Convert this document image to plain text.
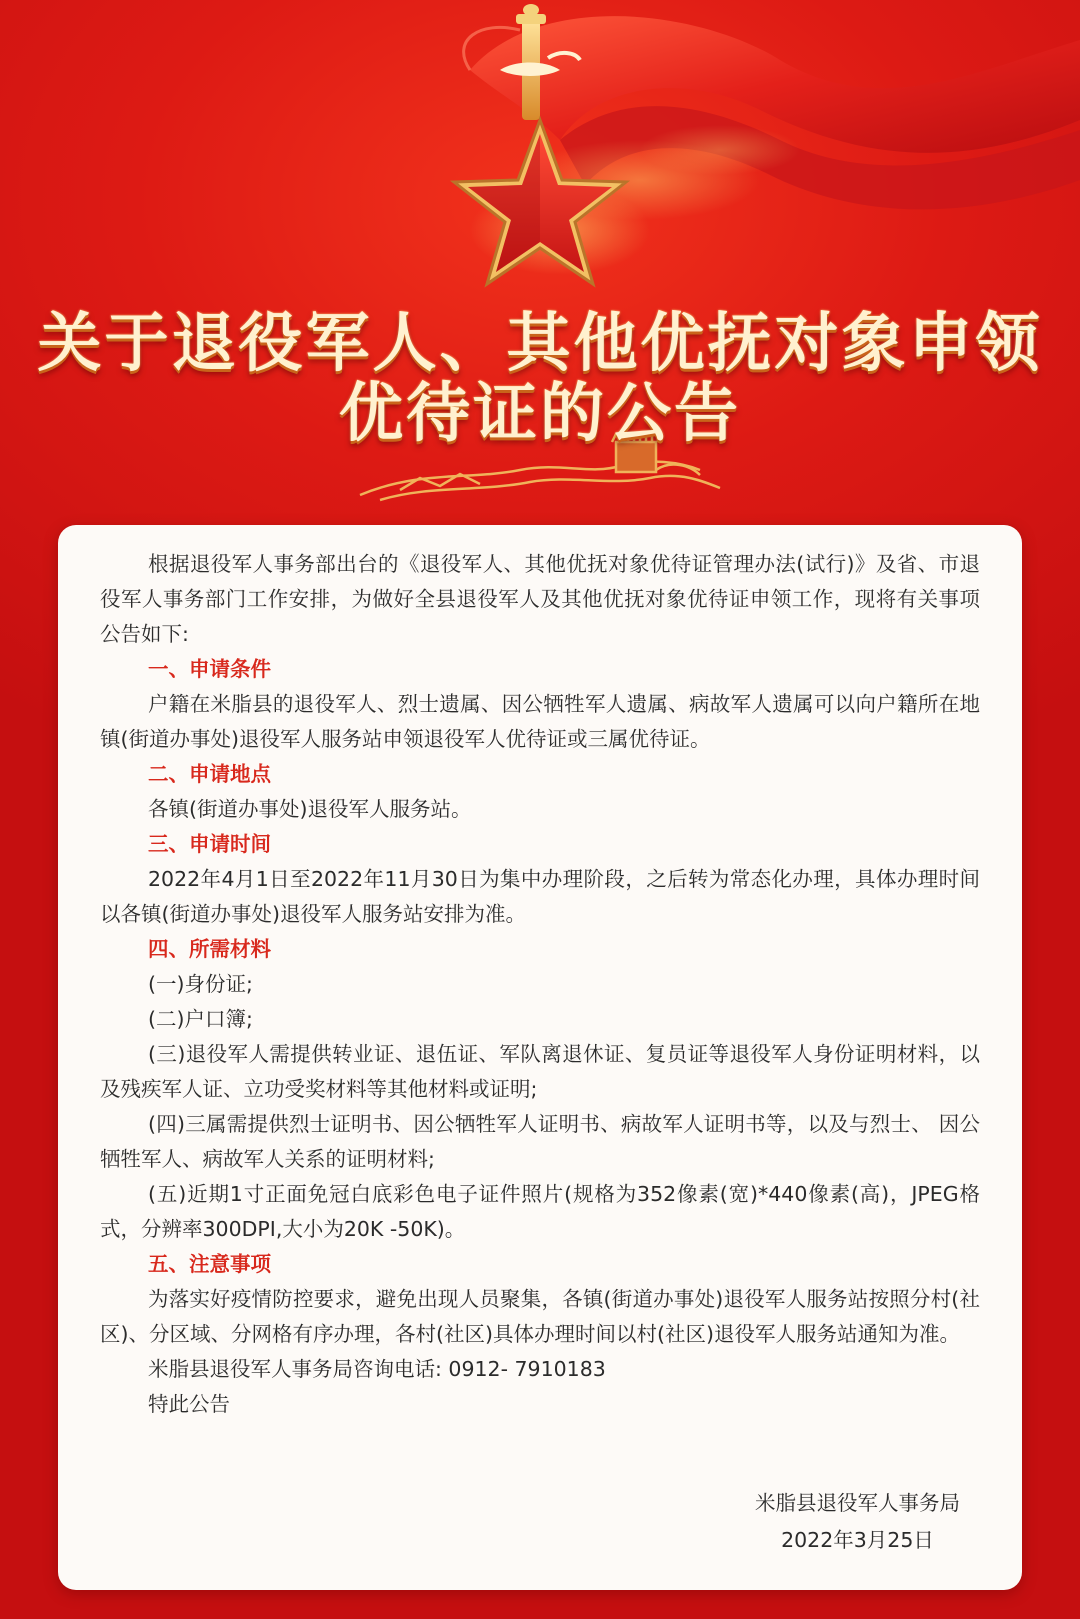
关于退役军人、其他优抚对象申领
优待证的公告

根据退役军人事务部出台的《退役军人、其他优抚对象优待证管理办法(试行)》及省、市退役军人事务部门工作安排，为做好全县退役军人及其他优抚对象优待证申领工作，现将有关事项公告如下:

一、申请条件

户籍在米脂县的退役军人、烈士遗属、因公牺牲军人遗属、病故军人遗属可以向户籍所在地镇(街道办事处)退役军人服务站申领退役军人优待证或三属优待证。

二、申请地点

各镇(街道办事处)退役军人服务站。

三、申请时间

2022年4月1日至2022年11月30日为集中办理阶段，之后转为常态化办理，具体办理时间以各镇(街道办事处)退役军人服务站安排为准。

四、所需材料

(一)身份证;

(二)户口簿;

(三)退役军人需提供转业证、退伍证、军队离退休证、复员证等退役军人身份证明材料，以及残疾军人证、立功受奖材料等其他材料或证明;

(四)三属需提供烈士证明书、因公牺牲军人证明书、病故军人证明书等，以及与烈士、 因公牺牲军人、病故军人关系的证明材料;

(五)近期1寸正面免冠白底彩色电子证件照片(规格为352像素(宽)*440像素(高)，JPEG格式，分辨率300DPI,大小为20K -50K)。

五、注意事项

为落实好疫情防控要求，避免出现人员聚集，各镇(街道办事处)退役军人服务站按照分村(社区)、分区域、分网格有序办理，各村(社区)具体办理时间以村(社区)退役军人服务站通知为准。

米脂县退役军人事务局咨询电话: 0912- 7910183

特此公告

米脂县退役军人事务局
2022年3月25日
